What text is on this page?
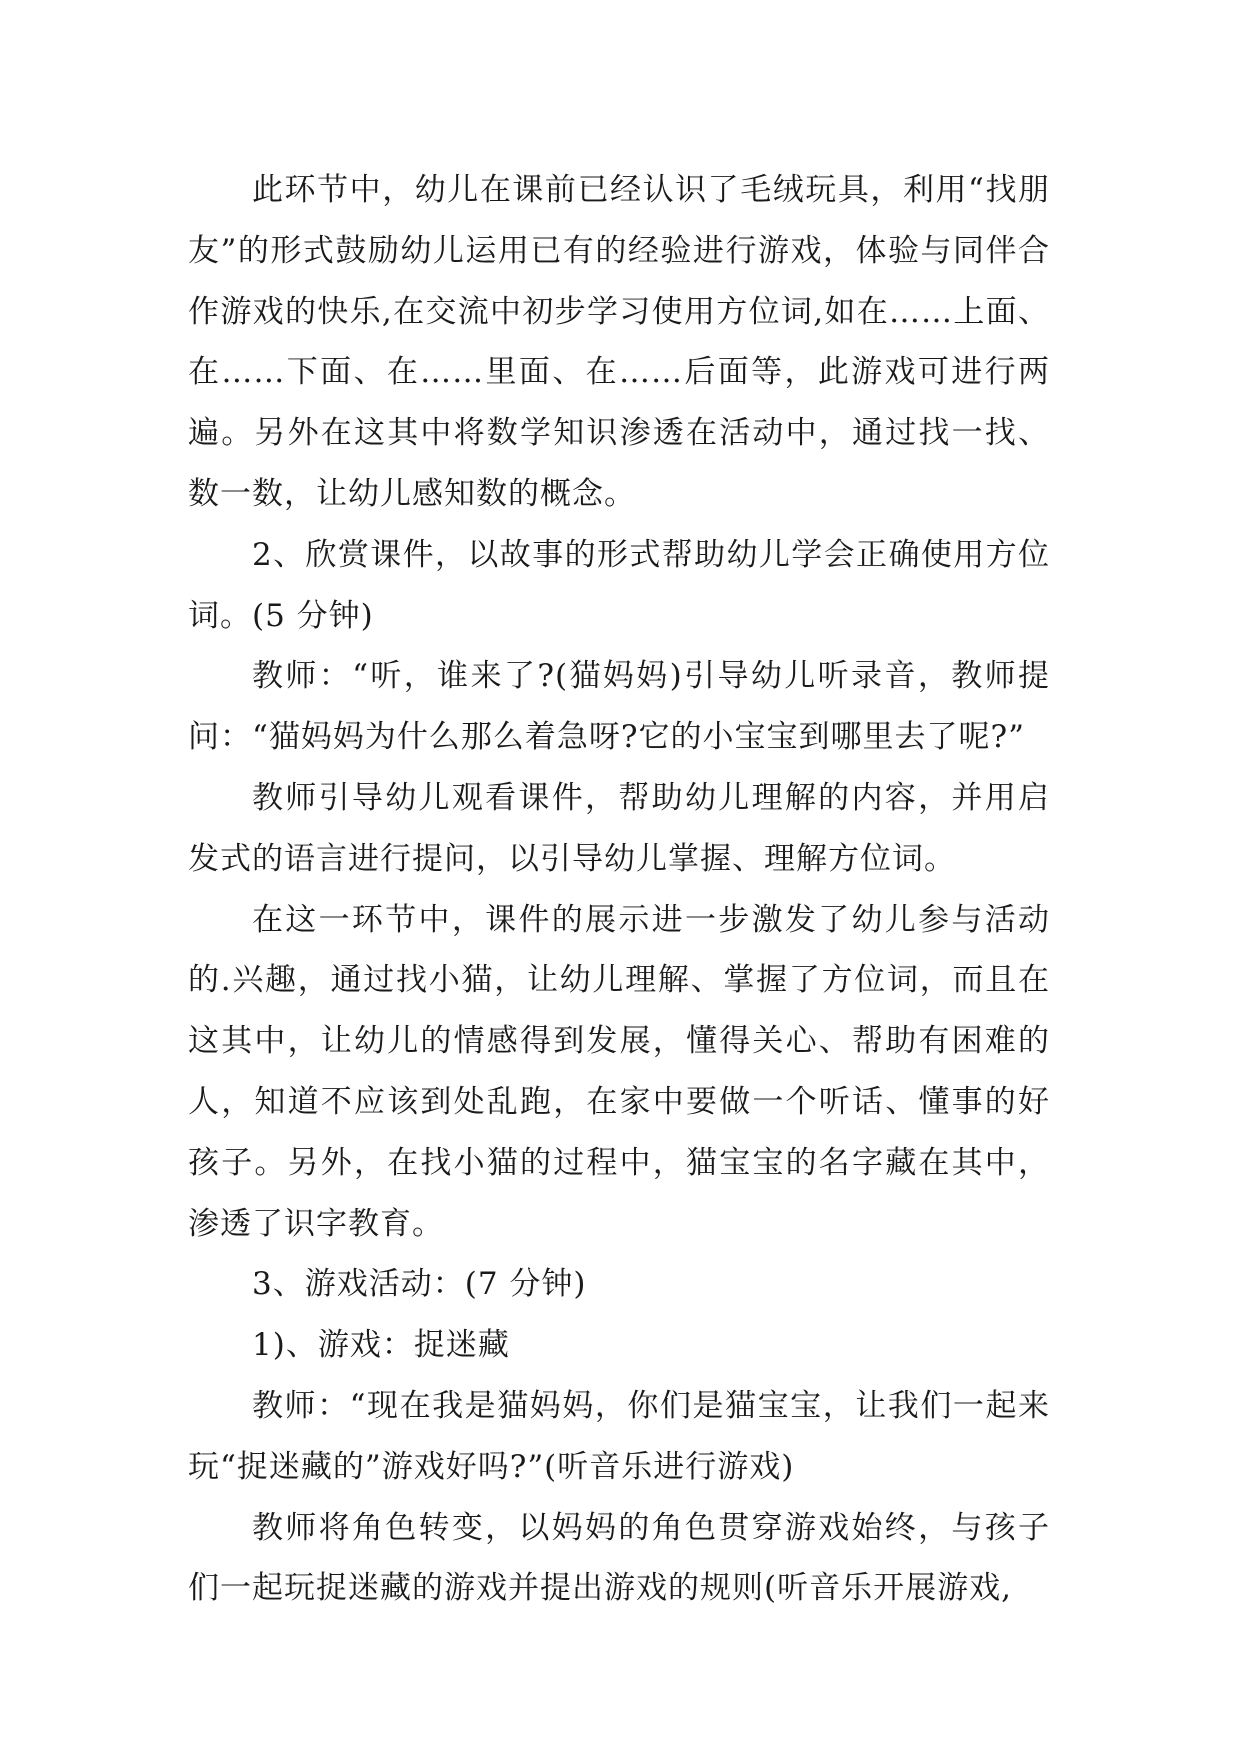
此环节中，幼儿在课前已经认识了毛绒玩具，利用“找朋友”的形式鼓励幼儿运用已有的经验进行游戏，体验与同伴合作游戏的快乐,在交流中初步学习使用方位词,如在……上面、在……下面、在……里面、在……后面等，此游戏可进行两遍。另外在这其中将数学知识渗透在活动中，通过找一找、数一数，让幼儿感知数的概念。

2、欣赏课件，以故事的形式帮助幼儿学会正确使用方位词。(5 分钟)

教师：“听，谁来了?(猫妈妈)引导幼儿听录音，教师提问：“猫妈妈为什么那么着急呀?它的小宝宝到哪里去了呢?”

教师引导幼儿观看课件，帮助幼儿理解的内容，并用启发式的语言进行提问，以引导幼儿掌握、理解方位词。

在这一环节中，课件的展示进一步激发了幼儿参与活动的.兴趣，通过找小猫，让幼儿理解、掌握了方位词，而且在这其中，让幼儿的情感得到发展，懂得关心、帮助有困难的人，知道不应该到处乱跑，在家中要做一个听话、懂事的好孩子。另外，在找小猫的过程中，猫宝宝的名字藏在其中，渗透了识字教育。

3、游戏活动：(7 分钟)

1)、游戏：捉迷藏

教师：“现在我是猫妈妈，你们是猫宝宝，让我们一起来玩“捉迷藏的”游戏好吗?”(听音乐进行游戏)

教师将角色转变，以妈妈的角色贯穿游戏始终，与孩子们一起玩捉迷藏的游戏并提出游戏的规则(听音乐开展游戏,
